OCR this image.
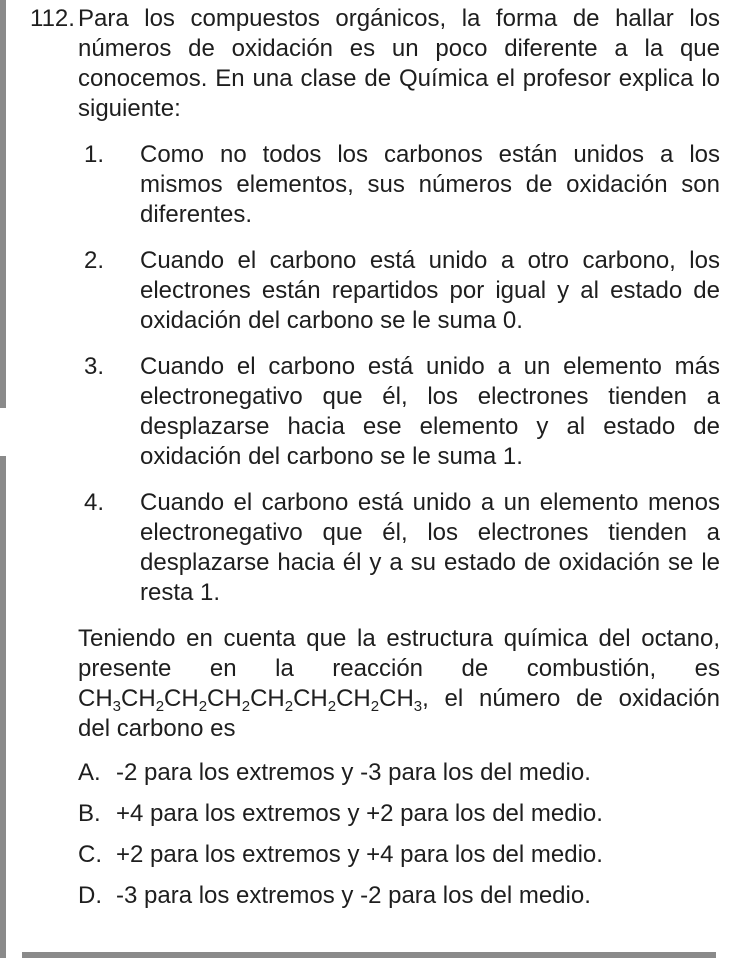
112. Para los compuestos orgánicos, la forma de hallar los números de oxidación es un poco diferente a la que conocemos. En una clase de Química el profesor explica lo siguiente:
1.	Como no todos los carbonos están unidos a los mismos elementos, sus números de oxidación son diferentes.
2.	Cuando el carbono está unido a otro carbono, los electrones están repartidos por igual y al estado de oxidación del carbono se le suma 0.
3.	Cuando el carbono está unido a un elemento más electronegativo que él, los electrones tienden a desplazarse hacia ese elemento y al estado de oxidación del carbono se le suma 1.
4.	Cuando el carbono está unido a un elemento menos electronegativo que él, los electrones tienden a desplazarse hacia él y a su estado de oxidación se le resta 1.

Teniendo en cuenta que la estructura química del octano, presente en la reacción de combustión, es $CH_3CH_2CH_2CH_2CH_2CH_2CH_2CH_3$, el número de oxidación del carbono es

A. -2 para los extremos y -3 para los del medio.
B. +4 para los extremos y +2 para los del medio.
C. +2 para los extremos y +4 para los del medio.
D. -3 para los extremos y -2 para los del medio.
